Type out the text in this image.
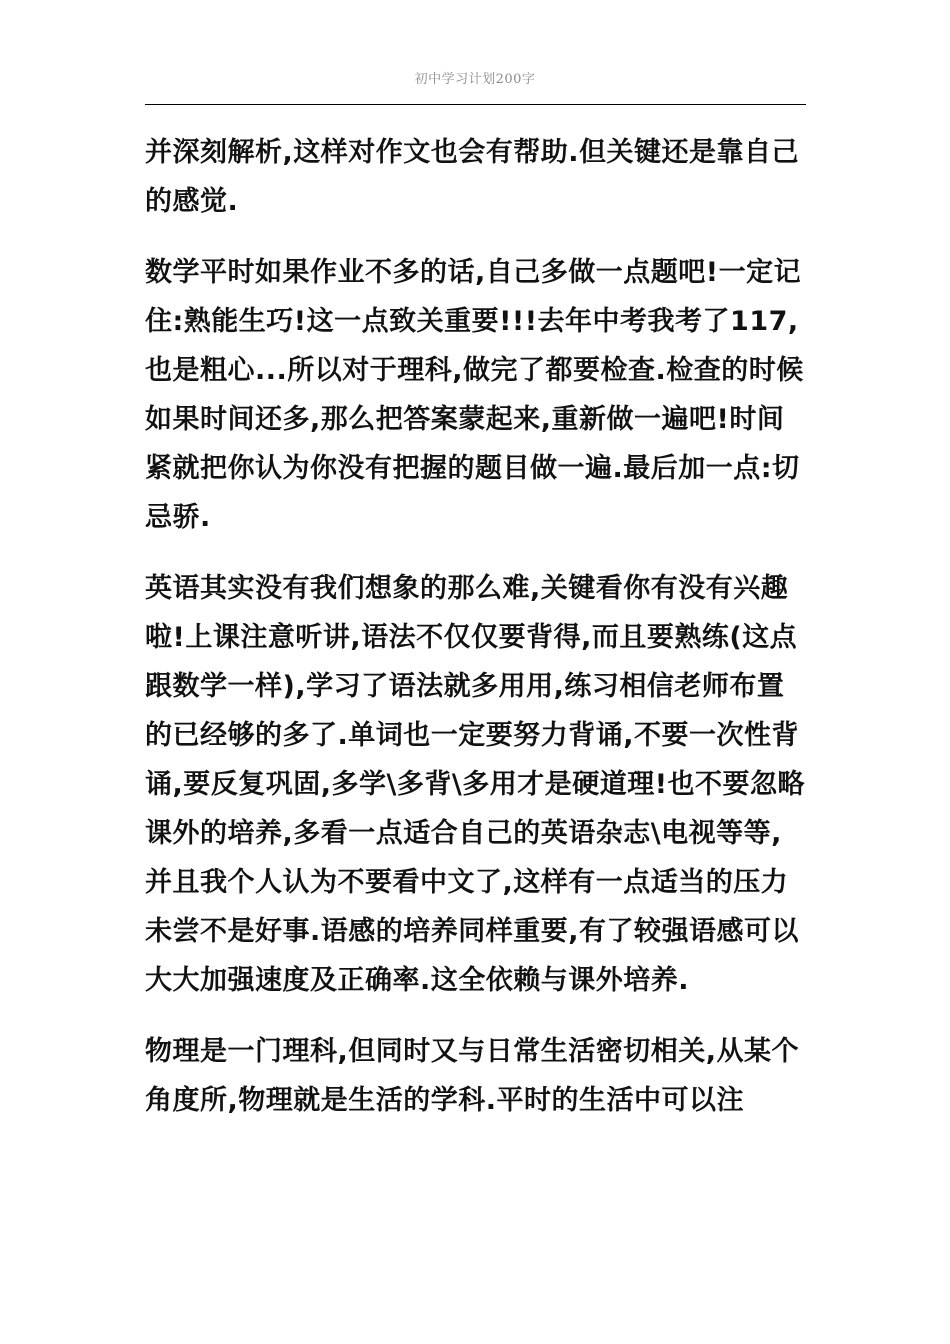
初中学习计划200字

并深刻解析,这样对作文也会有帮助.但关键还是靠自己的感觉.

数学平时如果作业不多的话,自己多做一点题吧!一定记住:熟能生巧!这一点致关重要!!!去年中考我考了117,也是粗心...所以对于理科,做完了都要检查.检查的时候如果时间还多,那么把答案蒙起来,重新做一遍吧!时间紧就把你认为你没有把握的题目做一遍.最后加一点:切忌骄.

英语其实没有我们想象的那么难,关键看你有没有兴趣啦!上课注意听讲,语法不仅仅要背得,而且要熟练(这点跟数学一样),学习了语法就多用用,练习相信老师布置的已经够的多了.单词也一定要努力背诵,不要一次性背诵,要反复巩固,多学\多背\多用才是硬道理!也不要忽略课外的培养,多看一点适合自己的英语杂志\电视等等,并且我个人认为不要看中文了,这样有一点适当的压力未尝不是好事.语感的培养同样重要,有了较强语感可以大大加强速度及正确率.这全依赖与课外培养.

物理是一门理科,但同时又与日常生活密切相关,从某个角度所,物理就是生活的学科.平时的生活中可以注
